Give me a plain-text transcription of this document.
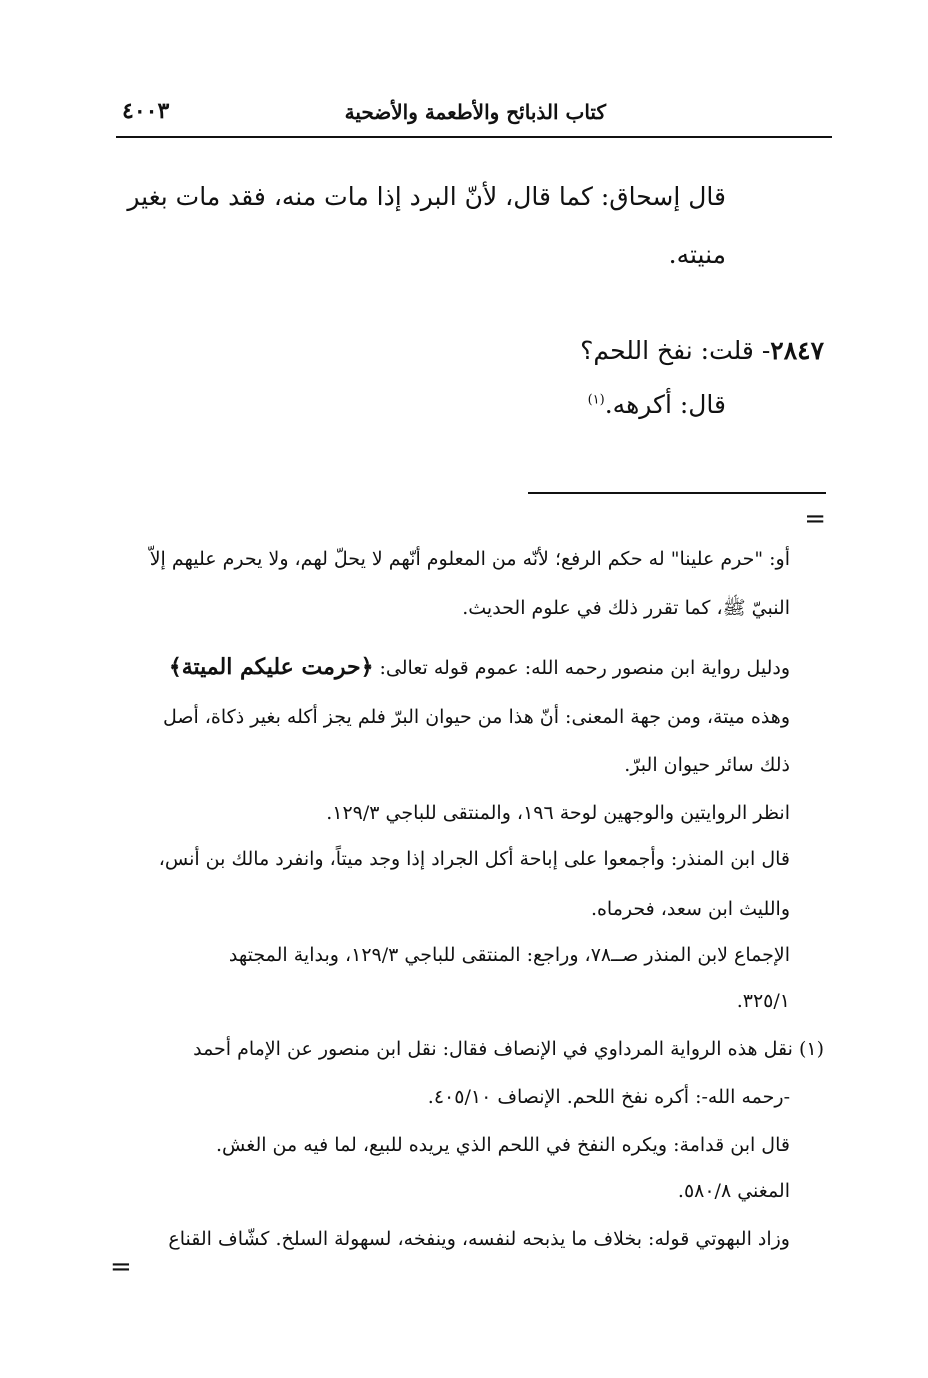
كتاب الذبائح والأطعمة والأضحية
٤٠٠٣
قال إسحاق: كما قال، لأنّ البرد إذا مات منه، فقد مات بغير
منيته.
٢٨٤٧- قلت: نفخ اللحم؟
قال: أكرهه.$^{(١)}$
=
أو: "حرم علينا" له حكم الرفع؛ لأنّه من المعلوم أنّهم لا يحلّ لهم، ولا يحرم عليهم إلاّ
النبيّ ﷺ، كما تقرر ذلك في علوم الحديث.
ودليل رواية ابن منصور رحمه الله: عموم قوله تعالى: ﴿حرمت عليكم الميتة﴾
وهذه ميتة، ومن جهة المعنى: أنّ هذا من حيوان البرّ فلم يجز أكله بغير ذكاة، أصل
ذلك سائر حيوان البرّ.
انظر الروايتين والوجهين لوحة ١٩٦، والمنتقى للباجي ١٢٩/٣.
قال ابن المنذر: وأجمعوا على إباحة أكل الجراد إذا وجد ميتاً، وانفرد مالك بن أنس،
والليث ابن سعد، فحرماه.
الإجماع لابن المنذر صــ٧٨، وراجع: المنتقى للباجي ١٢٩/٣، وبداية المجتهد
٣٢٥/١.
(١) نقل هذه الرواية المرداوي في الإنصاف فقال: نقل ابن منصور عن الإمام أحمد
-رحمه الله-: أكره نفخ اللحم. الإنصاف ٤٠٥/١٠.
قال ابن قدامة: ويكره النفخ في اللحم الذي يريده للبيع، لما فيه من الغش.
المغني ٥٨٠/٨.
وزاد البهوتي قوله: بخلاف ما يذبحه لنفسه، وينفخه، لسهولة السلخ. كشّاف القناع
=
